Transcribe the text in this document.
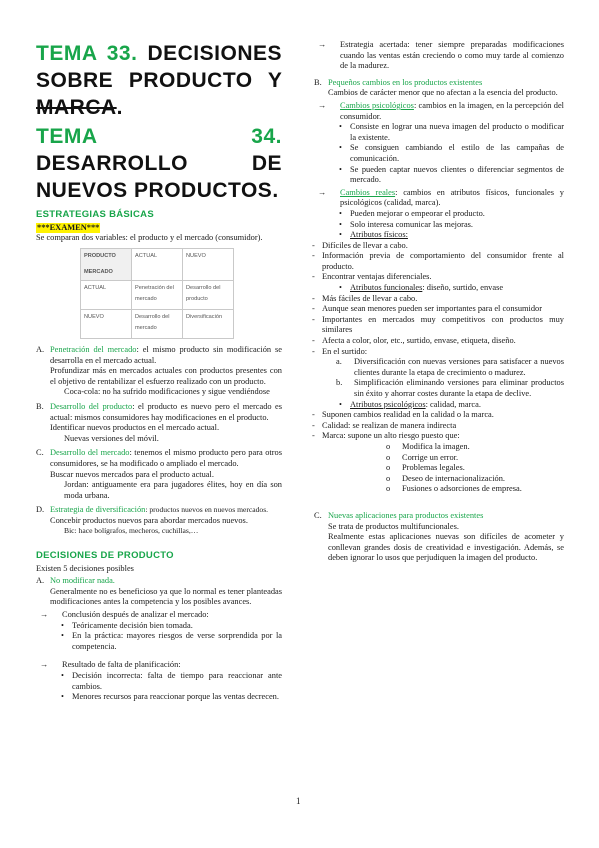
TEMA 33. DECISIONES SOBRE PRODUCTO Y MARCA.

TEMA 34. DESARROLLO DE NUEVOS PRODUCTOS.

ESTRATEGIAS BÁSICAS
***EXAMEN***

Se comparan dos variables: el producto y el mercado (consumidor).

PRODUCTO
MERCADO	ACTUAL	NUEVO
ACTUAL	Penetración del mercado	Desarrollo del producto
NUEVO	Desarrollo del mercado	Diversificación
A. Penetración del mercado: el mismo producto sin modificación se desarrolla en el mercado actual.

Profundizar más en mercados actuales con productos presentes con el objetivo de rentabilizar el esfuerzo realizado con un producto.

Coca-cola: no ha sufrido modificaciones y sigue vendiéndose

B. Desarrollo del producto: el producto es nuevo pero el mercado es actual: mismos consumidores hay modificaciones en el producto.

Identificar nuevos productos en el mercado actual.

Nuevas versiones del móvil.

C. Desarrollo del mercado: tenemos el mismo producto pero para otros consumidores, se ha modificado o ampliado el mercado.

Buscar nuevos mercados para el producto actual.

Jordan: antiguamente era para jugadores élites, hoy en día son moda urbana.

D. Estrategia de diversificación: productos nuevos en nuevos mercados.

Concebir productos nuevos para abordar mercados nuevos.

Bic: hace bolígrafos, mecheros, cuchillas,…

DECISIONES DE PRODUCTO

Existen 5 decisiones posibles

A. No modificar nada.

Generalmente no es beneficioso ya que lo normal es tener planteadas modificaciones antes la competencia y los posibles avances.

→ Conclusión después de analizar el mercado:
• Teóricamente decisión bien tomada.
• En la práctica: mayores riesgos de verse sorprendida por la competencia.
→ Resultado de falta de planificación:
• Decisión incorrecta: falta de tiempo para reaccionar ante cambios.
• Menores recursos para reaccionar porque las ventas decrecen.
→	Estrategia acertada: tener siempre preparadas modificaciones cuando las ventas están creciendo o como muy tarde al comienzo de la madurez.
B. Pequeños cambios en los productos existentes

Cambios de carácter menor que no afectan a la esencia del producto.

→	Cambios psicológicos: cambios en la imagen, en la percepción del consumidor.
• Consiste en lograr una nueva imagen del producto o modificar la existente.
• Se consiguen cambiando el estilo de las campañas de comunicación.
• Se pueden captar nuevos clientes o diferenciar segmentos de mercado.
→	Cambios reales: cambios en atributos físicos, funcionales y psicológicos (calidad, marca).
• Pueden mejorar o empeorar el producto.
• Solo interesa comunicar las mejoras.
• Atributos físicos:
- Difíciles de llevar a cabo.
- Información previa de comportamiento del consumidor frente al producto.
- Encontrar ventajas diferenciales.
• Atributos funcionales: diseño, surtido, envase
- Más fáciles de llevar a cabo.
- Aunque sean menores pueden ser importantes para el consumidor
- Importantes en mercados muy competitivos con productos muy similares
- Afecta a color, olor, etc., surtido, envase, etiqueta, diseño.
- En el surtido:
a. Diversificación con nuevas versiones para satisfacer a nuevos clientes durante la etapa de crecimiento o madurez.
b. Simplificación eliminando versiones para eliminar productos sin éxito y ahorrar costes durante la etapa de declive.
• Atributos psicológicos: calidad, marca.
- Suponen cambios realidad en la calidad o la marca.
- Calidad: se realizan de manera indirecta
- Marca: supone un alto riesgo puesto que:
o Modifica la imagen.
o Corrige un error.
o Problemas legales.
o Deseo de internacionalización.
o Fusiones o adsorciones de empresa.
C. Nuevas aplicaciones para productos existentes

Se trata de productos multifuncionales.

Realmente estas aplicaciones nuevas son difíciles de acometer y conllevan grandes dosis de creatividad e investigación. Además, se deben ignorar lo usos que perjudiquen la imagen del producto.

1
